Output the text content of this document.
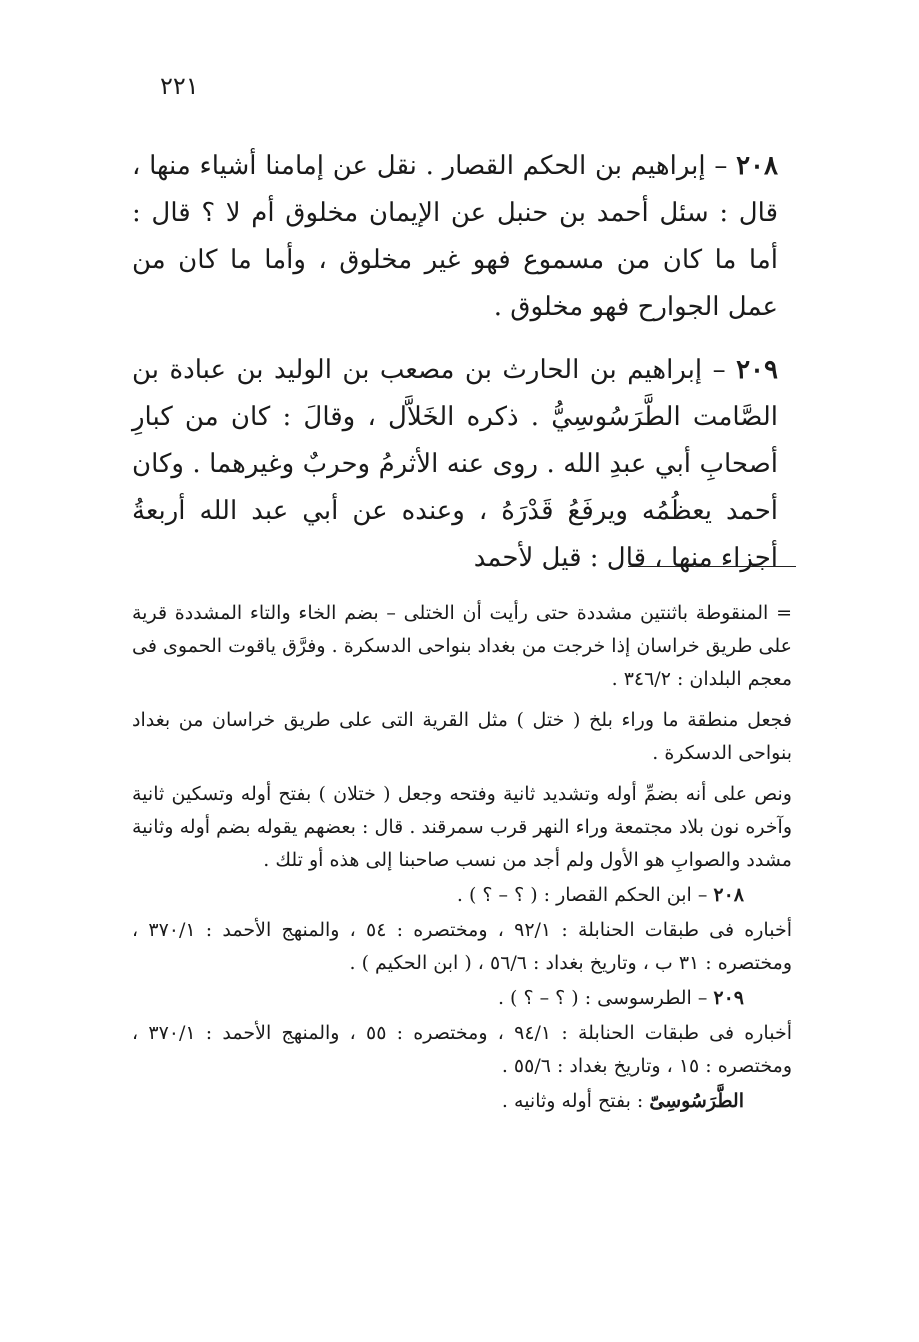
٢٢١

٢٠٨ – إبراهيم بن الحكم القصار . نقل عن إمامنا أشياء منها ، قال : سئل أحمد بن حنبل عن الإيمان مخلوق أم لا ؟ قال : أما ما كان من مسموع فهو غير مخلوق ، وأما ما كان من عمل الجوارح فهو مخلوق .

٢٠٩ – إبراهيم بن الحارث بن مصعب بن الوليد بن عبادة بن الصَّامت الطَّرَسُوسِيُّ . ذكره الخَلاَّل ، وقالَ : كان من كبارِ أصحابِ أبي عبدِ الله . روى عنه الأثرمُ وحربٌ وغيرهما . وكان أحمد يعظُمُه ويرفَعُ قَدْرَهُ ، وعنده عن أبي عبد الله أربعةُ أجزاء منها ، قال : قيل لأحمد

= المنقوطة باثنتين مشددة حتى رأيت أن الختلى – بضم الخاء والتاء المشددة قرية على طريق خراسان إذا خرجت من بغداد بنواحى الدسكرة . وفرَّق ياقوت الحموى فى معجم البلدان : ٣٤٦/٢ .

فجعل منطقة ما وراء بلخ ( ختل ) مثل القرية التى على طريق خراسان من بغداد بنواحى الدسكرة .

ونص على أنه بضمِّ أوله وتشديد ثانية وفتحه وجعل ( ختلان ) بفتح أوله وتسكين ثانية وآخره نون بلاد مجتمعة وراء النهر قرب سمرقند . قال : بعضهم يقوله بضم أوله وثانية مشدد والصوابِ هو الأول ولم أجد من نسب صاحبنا إلى هذه أو تلك .

٢٠٨ – ابن الحكم القصار : ( ؟ – ؟ ) .

أخباره فى طبقات الحنابلة : ٩٢/١ ، ومختصره : ٥٤ ، والمنهج الأحمد : ٣٧٠/١ ، ومختصره : ٣١ ب ، وتاريخ بغداد : ٥٦/٦ ، ( ابن الحكيم ) .

٢٠٩ – الطرسوسى : ( ؟ – ؟ ) .

أخباره فى طبقات الحنابلة : ٩٤/١ ، ومختصره : ٥٥ ، والمنهج الأحمد : ٣٧٠/١ ، ومختصره : ١٥ ، وتاريخ بغداد : ٥٥/٦ .

الطَّرَسُوسِىّ : بفتح أوله وثانيه .
